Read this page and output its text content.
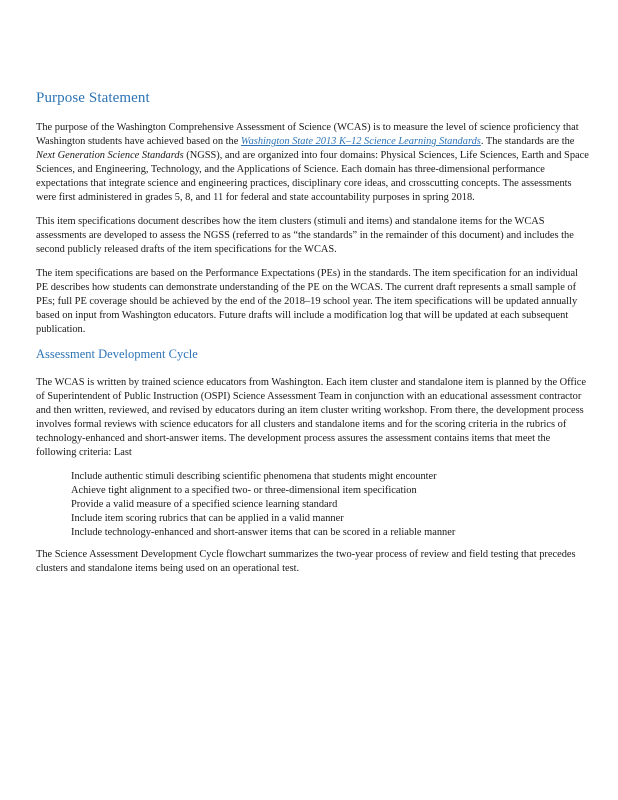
Purpose Statement

The purpose of the Washington Comprehensive Assessment of Science (WCAS) is to measure the level of science proficiency that Washington students have achieved based on the Washington State 2013 K–12 Science Learning Standards. The standards are the Next Generation Science Standards (NGSS), and are organized into four domains: Physical Sciences, Life Sciences, Earth and Space Sciences, and Engineering, Technology, and the Applications of Science. Each domain has three-dimensional performance expectations that integrate science and engineering practices, disciplinary core ideas, and crosscutting concepts. The assessments were first administered in grades 5, 8, and 11 for federal and state accountability purposes in spring 2018.

This item specifications document describes how the item clusters (stimuli and items) and standalone items for the WCAS assessments are developed to assess the NGSS (referred to as “the standards” in the remainder of this document) and includes the second publicly released drafts of the item specifications for the WCAS.

The item specifications are based on the Performance Expectations (PEs) in the standards. The item specification for an individual PE describes how students can demonstrate understanding of the PE on the WCAS. The current draft represents a small sample of PEs; full PE coverage should be achieved by the end of the 2018–19 school year. The item specifications will be updated annually based on input from Washington educators. Future drafts will include a modification log that will be updated at each subsequent publication.

Assessment Development Cycle

The WCAS is written by trained science educators from Washington. Each item cluster and standalone item is planned by the Office of Superintendent of Public Instruction (OSPI) Science Assessment Team in conjunction with an educational assessment contractor and then written, reviewed, and revised by educators during an item cluster writing workshop. From there, the development process involves formal reviews with science educators for all clusters and standalone items and for the scoring criteria in the rubrics of technology-enhanced and short-answer items. The development process assures the assessment contains items that meet the following criteria: Last

Include authentic stimuli describing scientific phenomena that students might encounter
Achieve tight alignment to a specified two- or three-dimensional item specification
Provide a valid measure of a specified science learning standard
Include item scoring rubrics that can be applied in a valid manner
Include technology-enhanced and short-answer items that can be scored in a reliable manner

The Science Assessment Development Cycle flowchart summarizes the two-year process of review and field testing that precedes clusters and standalone items being used on an operational test.
